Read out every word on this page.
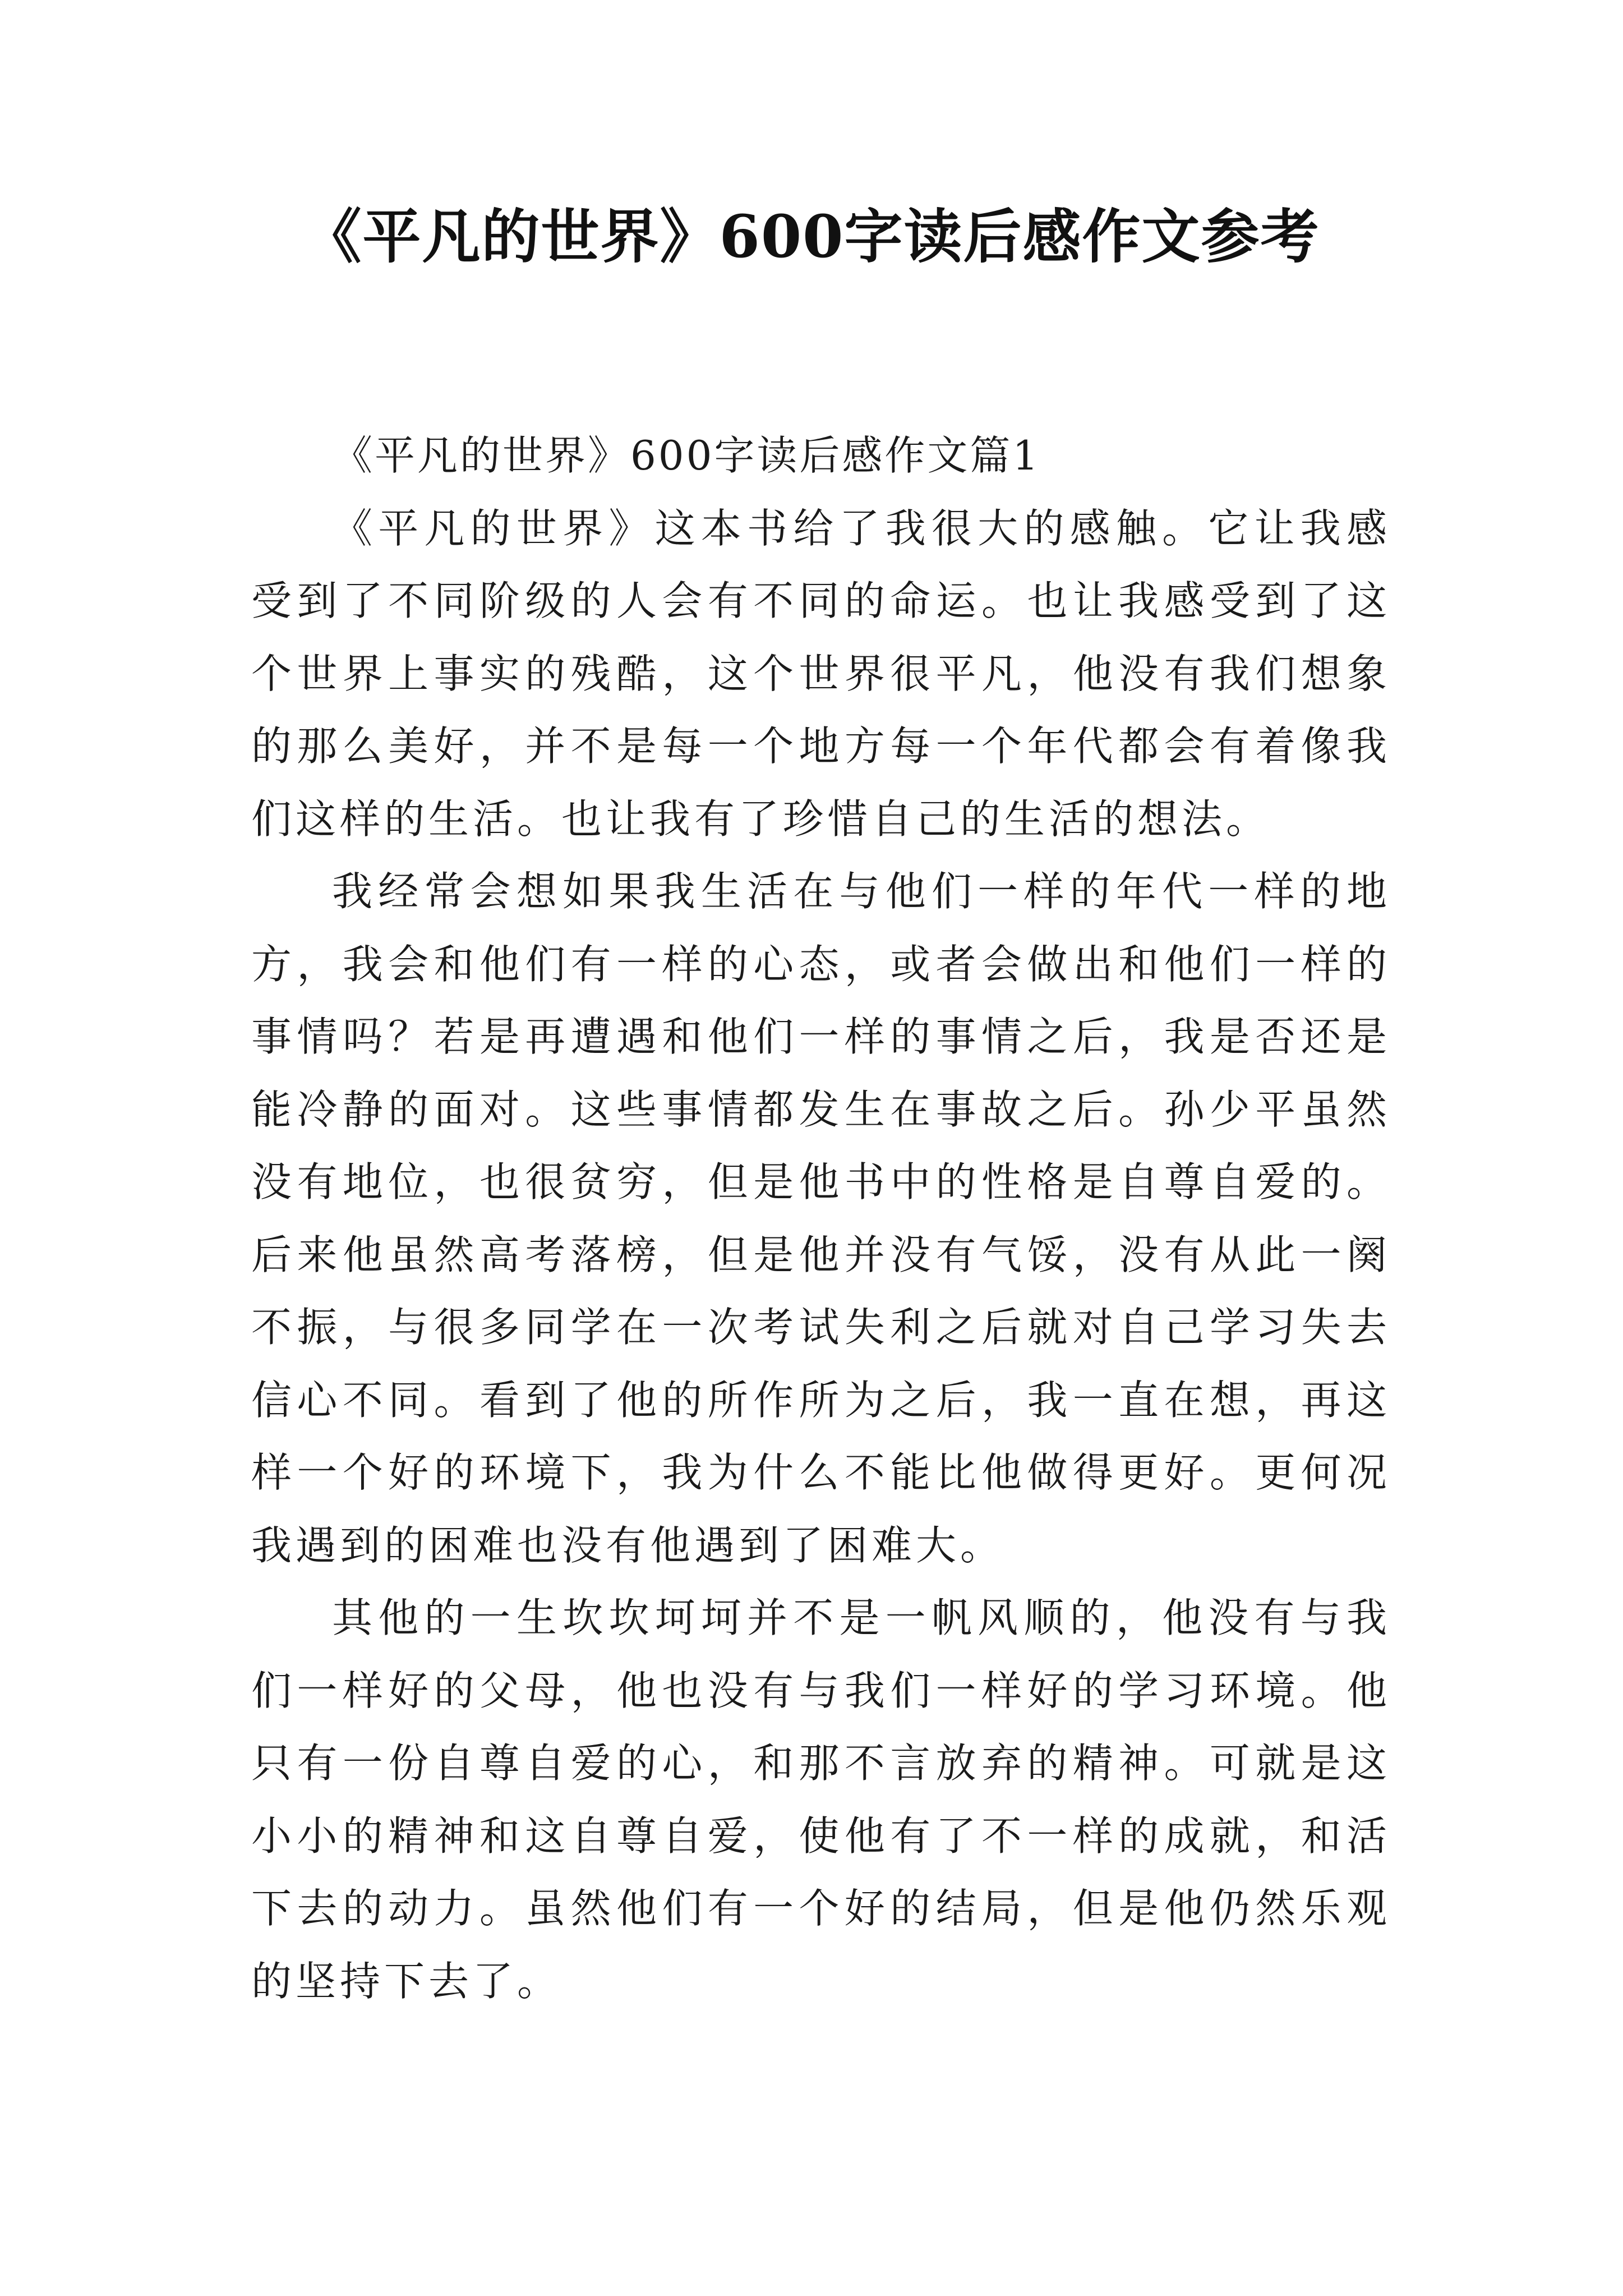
《平凡的世界》600字读后感作文参考

《平凡的世界》600字读后感作文篇1

《平凡的世界》这本书给了我很大的感触。它让我感受到了不同阶级的人会有不同的命运。也让我感受到了这个世界上事实的残酷，这个世界很平凡，他没有我们想象的那么美好，并不是每一个地方每一个年代都会有着像我们这样的生活。也让我有了珍惜自己的生活的想法。

我经常会想如果我生活在与他们一样的年代一样的地方，我会和他们有一样的心态，或者会做出和他们一样的事情吗？若是再遭遇和他们一样的事情之后，我是否还是能冷静的面对。这些事情都发生在事故之后。孙少平虽然没有地位，也很贫穷，但是他书中的性格是自尊自爱的。后来他虽然高考落榜，但是他并没有气馁，没有从此一阕不振，与很多同学在一次考试失利之后就对自己学习失去信心不同。看到了他的所作所为之后，我一直在想，再这样一个好的环境下，我为什么不能比他做得更好。更何况我遇到的困难也没有他遇到了困难大。

其他的一生坎坎坷坷并不是一帆风顺的，他没有与我们一样好的父母，他也没有与我们一样好的学习环境。他只有一份自尊自爱的心，和那不言放弃的精神。可就是这小小的精神和这自尊自爱，使他有了不一样的成就，和活下去的动力。虽然他们有一个好的结局，但是他仍然乐观的坚持下去了。
